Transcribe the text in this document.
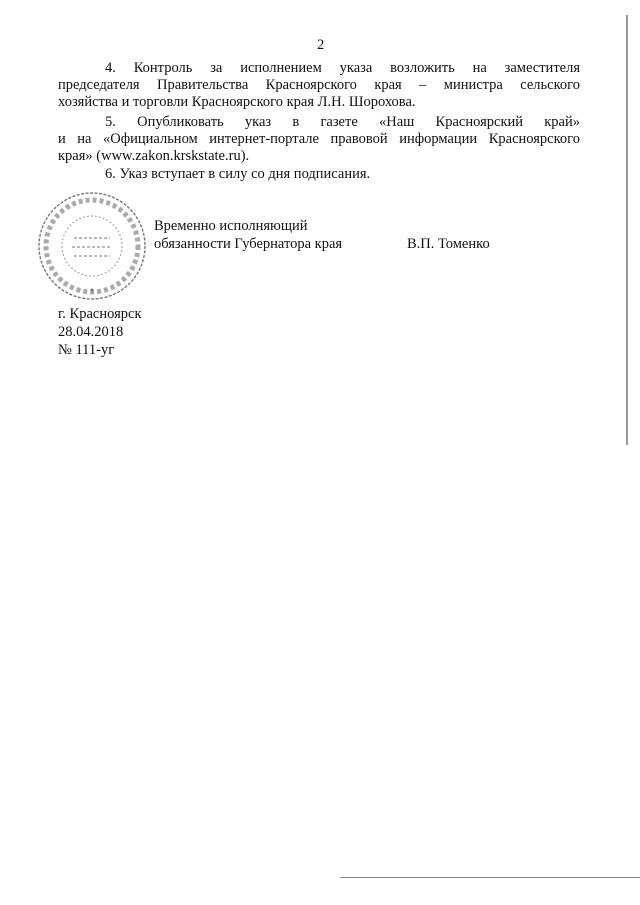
2
4. Контроль за исполнением указа возложить на заместителя
председателя Правительства Красноярского края – министра сельского
хозяйства и торговли Красноярского края Л.Н. Шорохова.
5. Опубликовать указ в газете «Наш Красноярский край»
и на «Официальном интернет-портале правовой информации Красноярского
края» (www.zakon.krskstate.ru).
6. Указ вступает в силу со дня подписания.
Временно исполняющий
обязанности Губернатора края	В.П. Томенко
г. Красноярск
28.04.2018
№ 111-уг
